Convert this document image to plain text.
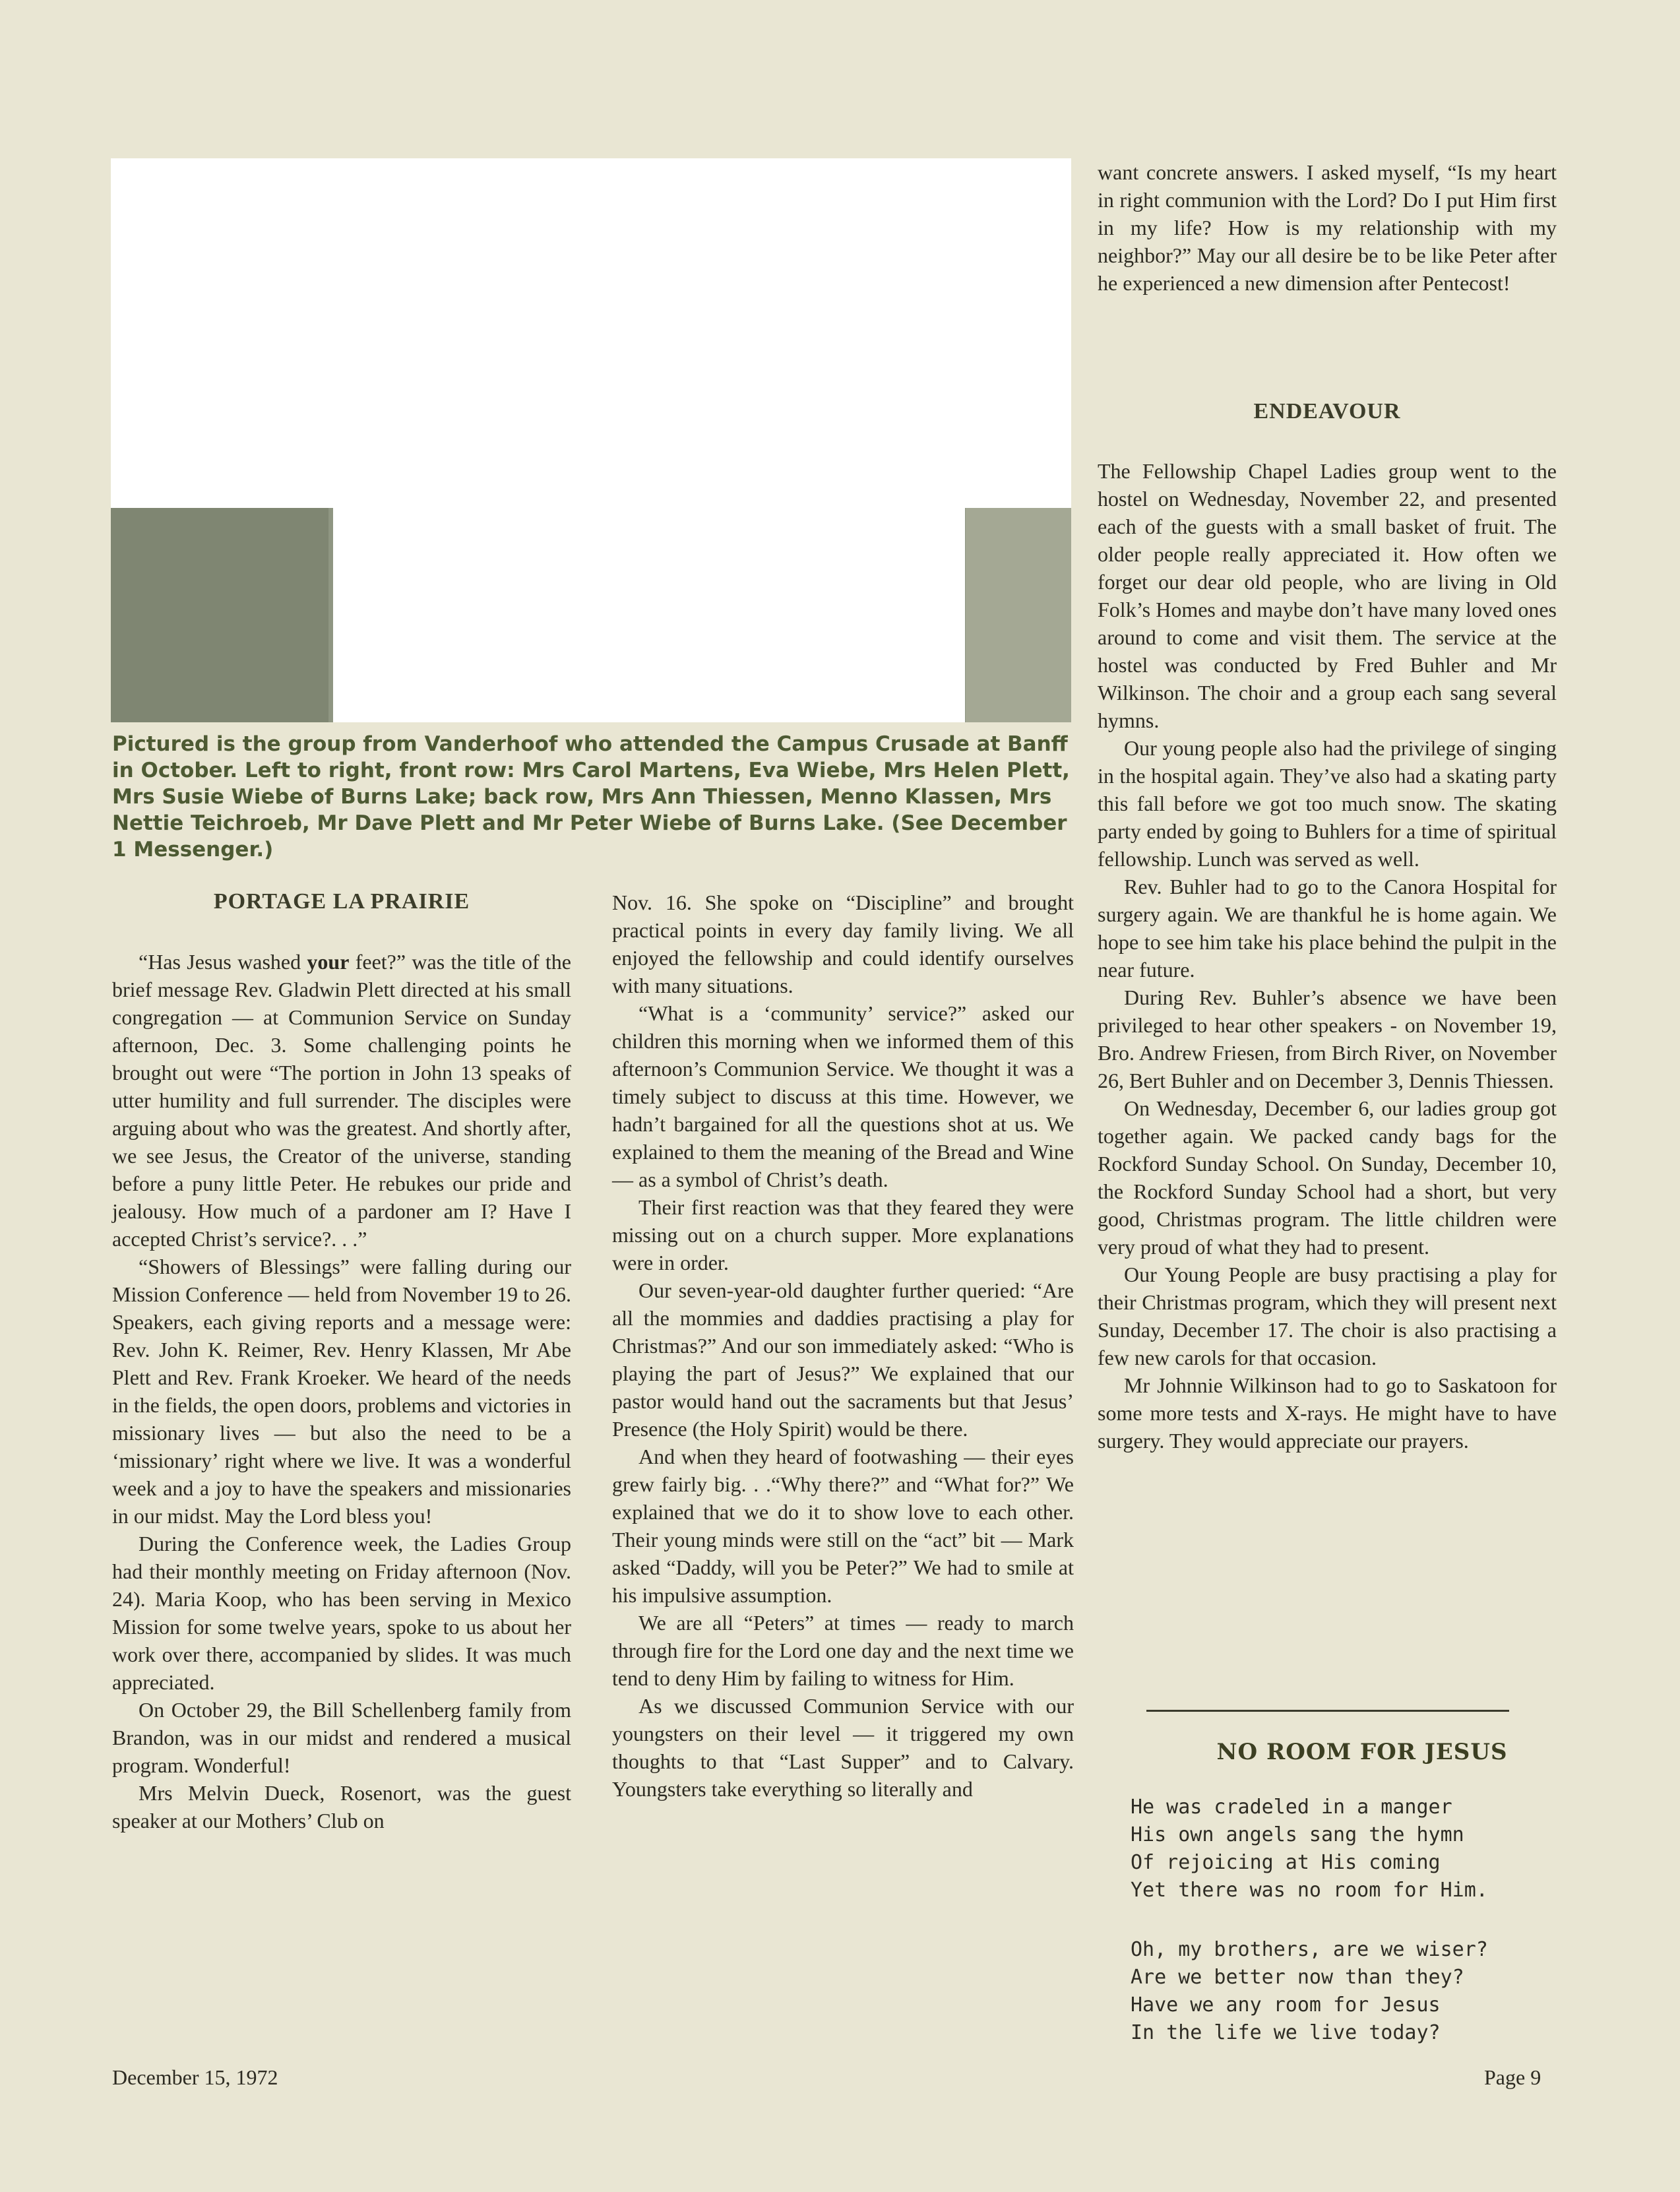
Pictured is the group from Vanderhoof who attended the Campus Crusade at Banff in October. Left to right, front row: Mrs Carol Martens, Eva Wiebe, Mrs Helen Plett, Mrs Susie Wiebe of Burns Lake; back row, Mrs Ann Thiessen, Menno Klassen, Mrs Nettie Teichroeb, Mr Dave Plett and Mr Peter Wiebe of Burns Lake. (See December 1 Messenger.)
PORTAGE LA PRAIRIE

“Has Jesus washed your feet?” was the title of the brief message Rev. Gladwin Plett directed at his small congregation — at Communion Service on Sunday afternoon, Dec. 3. Some challenging points he brought out were “The portion in John 13 speaks of utter humility and full surrender. The disciples were arguing about who was the greatest. And shortly after, we see Jesus, the Creator of the universe, standing before a puny little Peter. He rebukes our pride and jealousy. How much of a pardoner am I? Have I accepted Christ’s service?. . .”

“Showers of Blessings” were falling during our Mission Conference — held from November 19 to 26. Speakers, each giving reports and a message were: Rev. John K. Reimer, Rev. Henry Klassen, Mr Abe Plett and Rev. Frank Kroeker. We heard of the needs in the fields, the open doors, problems and victories in missionary lives — but also the need to be a ‘missionary’ right where we live. It was a wonderful week and a joy to have the speakers and missionaries in our midst. May the Lord bless you!

During the Conference week, the Ladies Group had their monthly meeting on Friday afternoon (Nov. 24). Maria Koop, who has been serving in Mexico Mission for some twelve years, spoke to us about her work over there, accompanied by slides. It was much appreciated.

On October 29, the Bill Schellenberg family from Brandon, was in our midst and rendered a musical program. Wonderful!

Mrs Melvin Dueck, Rosenort, was the guest speaker at our Mothers’ Club on

Nov. 16. She spoke on “Discipline” and brought practical points in every day family living. We all enjoyed the fellowship and could identify ourselves with many situations.

“What is a ‘community’ service?” asked our children this morning when we informed them of this afternoon’s Communion Service. We thought it was a timely subject to discuss at this time. However, we hadn’t bargained for all the questions shot at us. We explained to them the meaning of the Bread and Wine — as a symbol of Christ’s death.

Their first reaction was that they feared they were missing out on a church supper. More explanations were in order.

Our seven-year-old daughter further queried: “Are all the mommies and daddies practising a play for Christmas?” And our son immediately asked: “Who is playing the part of Jesus?” We explained that our pastor would hand out the sacraments but that Jesus’ Presence (the Holy Spirit) would be there.

And when they heard of footwashing — their eyes grew fairly big. . .“Why there?” and “What for?” We explained that we do it to show love to each other. Their young minds were still on the “act” bit — Mark asked “Daddy, will you be Peter?” We had to smile at his impulsive assumption.

We are all “Peters” at times — ready to march through fire for the Lord one day and the next time we tend to deny Him by failing to witness for Him.

As we discussed Communion Service with our youngsters on their level — it triggered my own thoughts to that “Last Supper” and to Calvary. Youngsters take everything so literally and

want concrete answers. I asked myself, “Is my heart in right communion with the Lord? Do I put Him first in my life? How is my relationship with my neighbor?” May our all desire be to be like Peter after he experienced a new dimension after Pentecost!

ENDEAVOUR

The Fellowship Chapel Ladies group went to the hostel on Wednesday, November 22, and presented each of the guests with a small basket of fruit. The older people really appreciated it. How often we forget our dear old people, who are living in Old Folk’s Homes and maybe don’t have many loved ones around to come and visit them. The service at the hostel was conducted by Fred Buhler and Mr Wilkinson. The choir and a group each sang several hymns.

Our young people also had the privilege of singing in the hospital again. They’ve also had a skating party this fall before we got too much snow. The skating party ended by going to Buhlers for a time of spiritual fellowship. Lunch was served as well.

Rev. Buhler had to go to the Canora Hospital for surgery again. We are thankful he is home again. We hope to see him take his place behind the pulpit in the near future.

During Rev. Buhler’s absence we have been privileged to hear other speakers - on November 19, Bro. Andrew Friesen, from Birch River, on November 26, Bert Buhler and on December 3, Dennis Thiessen.

On Wednesday, December 6, our ladies group got together again. We packed candy bags for the Rockford Sunday School. On Sunday, December 10, the Rockford Sunday School had a short, but very good, Christmas program. The little children were very proud of what they had to present.

Our Young People are busy practising a play for their Christmas program, which they will present next Sunday, December 17. The choir is also practising a few new carols for that occasion.

Mr Johnnie Wilkinson had to go to Saskatoon for some more tests and X-rays. He might have to have surgery. They would appreciate our prayers.

NO ROOM FOR JESUS
He was cradeled in a manger
His own angels sang the hymn
Of rejoicing at His coming
Yet there was no room for Him.
Oh, my brothers, are we wiser?
Are we better now than they?
Have we any room for Jesus
In the life we live today?
December 15, 1972	Page 9
